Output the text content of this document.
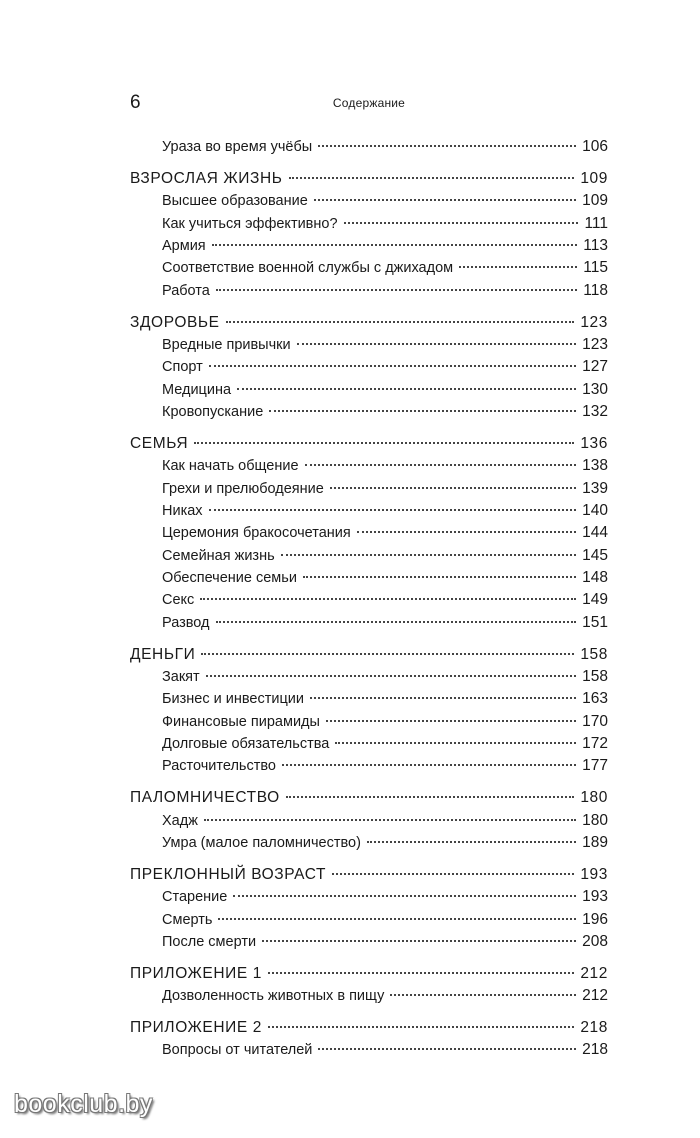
6	Содержание
Ураза во время учёбы	106
ВЗРОСЛАЯ ЖИЗНЬ	109
Высшее образование	109
Как учиться эффективно?	111
Армия	113
Соответствие военной службы с джихадом	115
Работа	118
ЗДОРОВЬЕ	123
Вредные привычки	123
Спорт	127
Медицина	130
Кровопускание	132
СЕМЬЯ	136
Как начать общение	138
Грехи и прелюбодеяние	139
Никах	140
Церемония бракосочетания	144
Семейная жизнь	145
Обеспечение семьи	148
Секс	149
Развод	151
ДЕНЬГИ	158
Закят	158
Бизнес и инвестиции	163
Финансовые пирамиды	170
Долговые обязательства	172
Расточительство	177
ПАЛОМНИЧЕСТВО	180
Хадж	180
Умра (малое паломничество)	189
ПРЕКЛОННЫЙ ВОЗРАСТ	193
Старение	193
Смерть	196
После смерти	208
ПРИЛОЖЕНИЕ 1	212
Дозволенность животных в пищу	212
ПРИЛОЖЕНИЕ 2	218
Вопросы от читателей	218
bookclub.by
